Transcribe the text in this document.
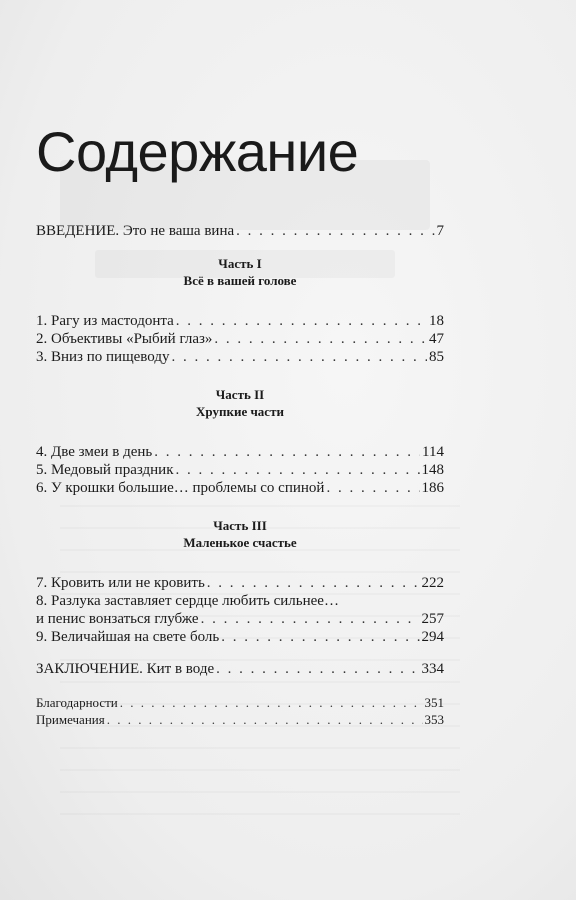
Содержание
ВВЕДЕНИЕ. Это не ваша вина . . .	7
Часть I
Всё в вашей голове
1. Рагу из мастодонта . . .	18
2. Объективы «Рыбий глаз» . . .	47
3. Вниз по пищеводу . . .	85
Часть II
Хрупкие части
4. Две змеи в день . . .	114
5. Медовый праздник . . .	148
6. У крошки большие… проблемы со спиной . . .	186
Часть III
Маленькое счастье
7. Кровить или не кровить . . .	222
8. Разлука заставляет сердце любить сильнее…
и пенис вонзаться глубже . . .	257
9. Величайшая на свете боль . . .	294
ЗАКЛЮЧЕНИЕ. Кит в воде . . .	334
Благодарности . . .	351
Примечания . . .	353
